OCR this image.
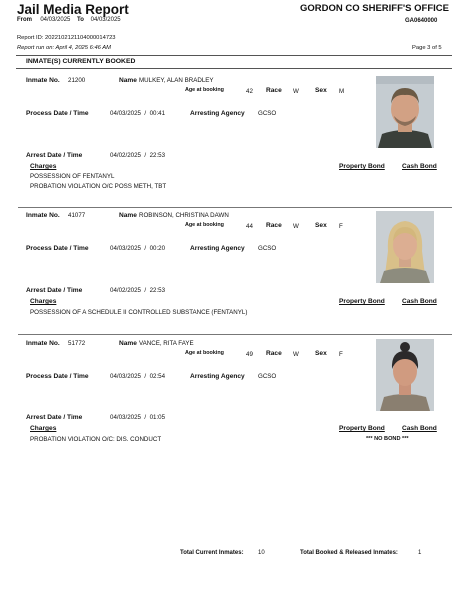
Jail Media Report	GORDON CO SHERIFF'S OFFICE
From 04/03/2025 To 04/03/2025	GA0640000
Report ID: 2022102121104000014723
Report run on: April 4, 2025 6:46 AM	Page 3 of 5
INMATE(S) CURRENTLY BOOKED
Inmate No. 21200	Name MULKEY, ALAN BRADLEY
Age at booking	42 Race W Sex M
Process Date / Time	04/03/2025  /  00:41	Arresting Agency GCSO
Arrest Date / Time	04/02/2025  /  22:53
Charges	Property Bond	Cash Bond
POSSESSION OF FENTANYL
PROBATION VIOLATION O/C POSS METH, TBT
Inmate No. 41077	Name ROBINSON, CHRISTINA DAWN
Age at booking	44 Race W Sex F
Process Date / Time	04/03/2025  /  00:20	Arresting Agency GCSO
Arrest Date / Time	04/02/2025  /  22:53
Charges	Property Bond	Cash Bond
POSSESSION OF A SCHEDULE II CONTROLLED SUBSTANCE (FENTANYL)
Inmate No. 51772	Name VANCE, RITA FAYE
Age at booking	49 Race W Sex F
Process Date / Time	04/03/2025  /  02:54	Arresting Agency GCSO
Arrest Date / Time	04/03/2025  /  01:05
Charges	Property Bond	Cash Bond
PROBATION VIOLATION O/C: DIS. CONDUCT	*** NO BOND ***
Total Current Inmates: 10	Total Booked & Released Inmates:	1
